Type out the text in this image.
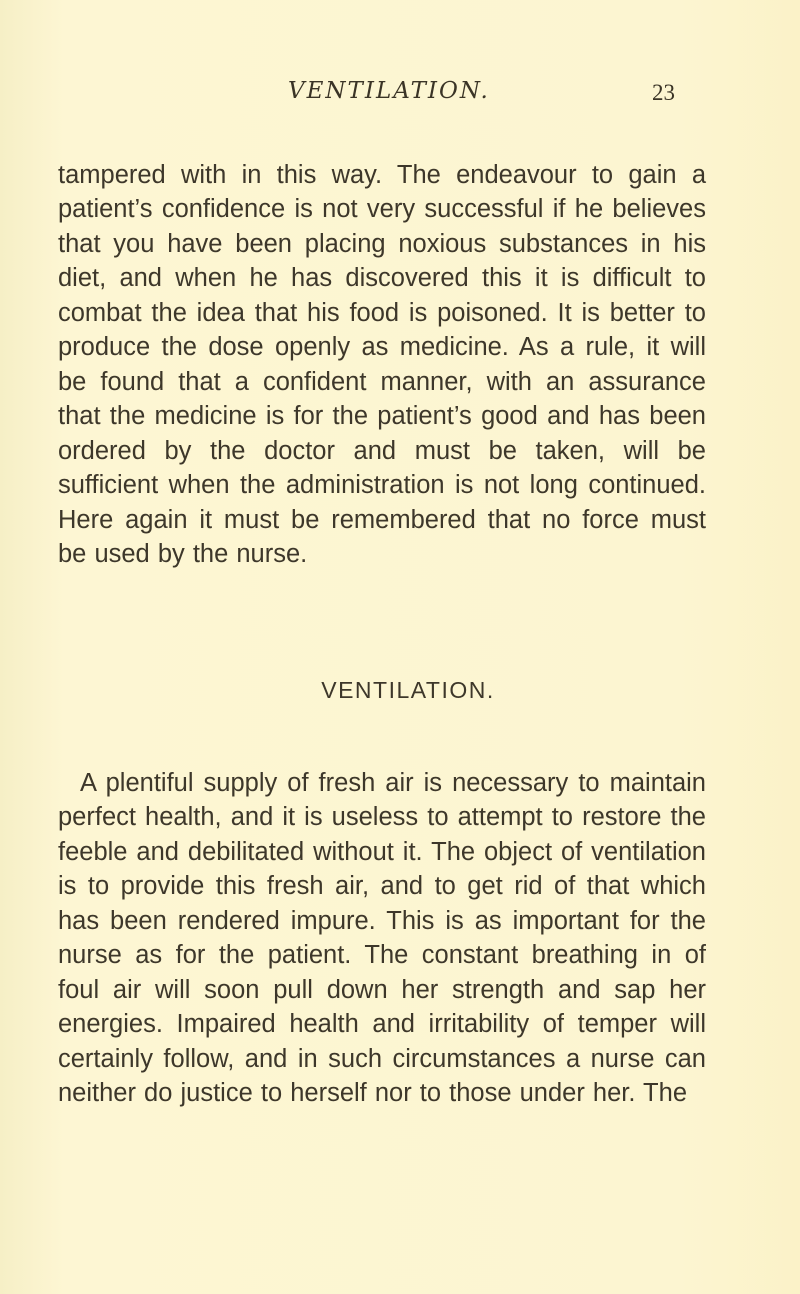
VENTILATION.	23

tampered with in this way. The endeavour to gain a patient’s confidence is not very successful if he believes that you have been placing noxious substances in his diet, and when he has discovered this it is difficult to combat the idea that his food is poisoned. It is better to produce the dose openly as medicine. As a rule, it will be found that a confident manner, with an assurance that the medicine is for the patient’s good and has been ordered by the doctor and must be taken, will be sufficient when the administration is not long continued. Here again it must be remembered that no force must be used by the nurse.

VENTILATION.

A plentiful supply of fresh air is necessary to maintain perfect health, and it is useless to attempt to restore the feeble and debilitated without it. The object of ventilation is to provide this fresh air, and to get rid of that which has been rendered impure. This is as important for the nurse as for the patient. The constant breathing in of foul air will soon pull down her strength and sap her energies. Impaired health and irritability of temper will certainly follow, and in such circumstances a nurse can neither do justice to herself nor to those under her. The
